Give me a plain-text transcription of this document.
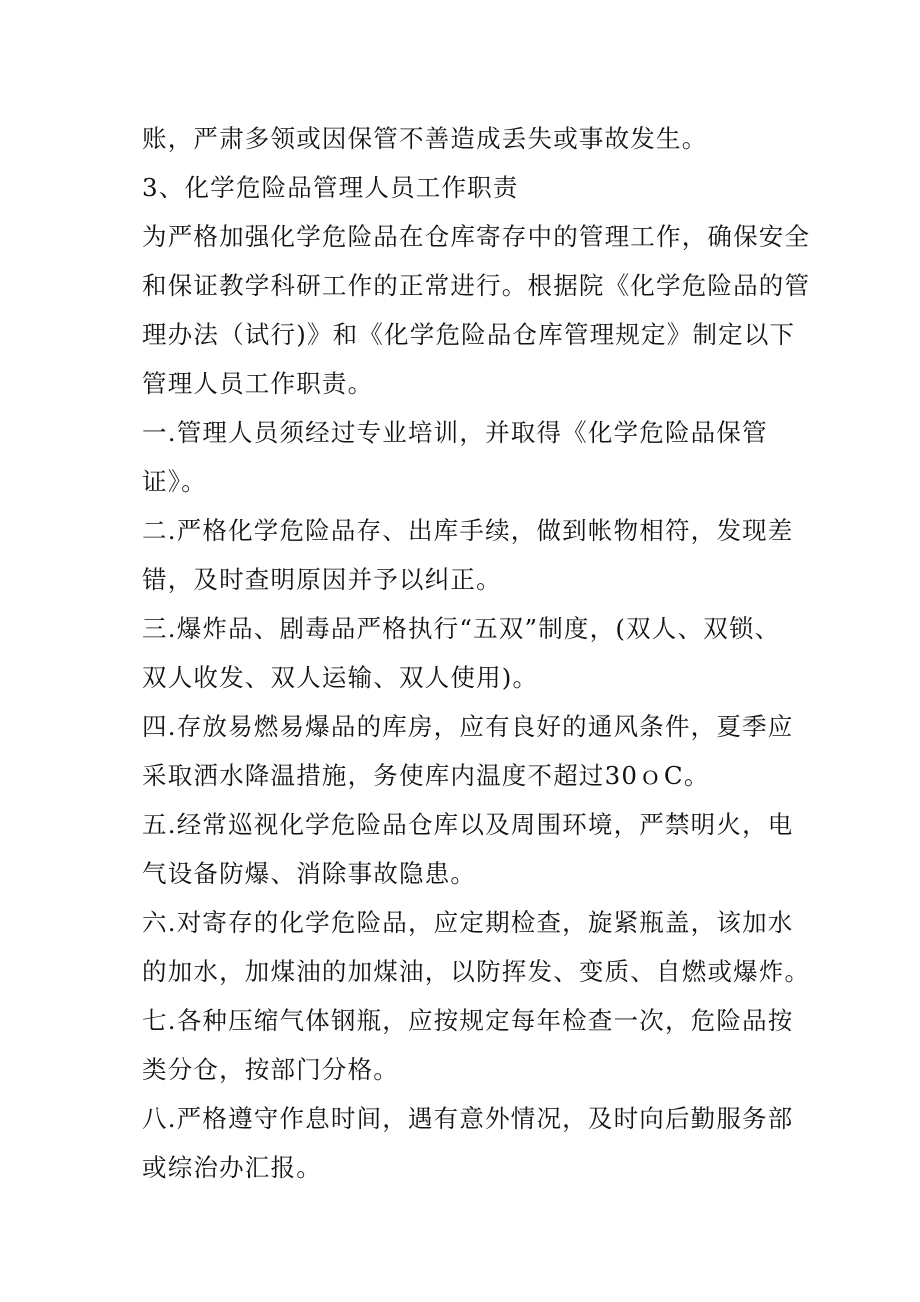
账，严肃多领或因保管不善造成丢失或事故发生。
3、化学危险品管理人员工作职责
为严格加强化学危险品在仓库寄存中的管理工作，确保安全
和保证教学科研工作的正常进行。根据院《化学危险品的管
理办法（试行)》和《化学危险品仓库管理规定》制定以下
管理人员工作职责。
一.管理人员须经过专业培训，并取得《化学危险品保管
证》。
二.严格化学危险品存、出库手续，做到帐物相符，发现差
错，及时查明原因并予以纠正。
三.爆炸品、剧毒品严格执行“五双”制度，(双人、双锁、
双人收发、双人运输、双人使用)。
四.存放易燃易爆品的库房，应有良好的通风条件，夏季应
采取洒水降温措施，务使库内温度不超过30ｏC。
五.经常巡视化学危险品仓库以及周围环境，严禁明火，电
气设备防爆、消除事故隐患。
六.对寄存的化学危险品，应定期检查，旋紧瓶盖，该加水
的加水，加煤油的加煤油，以防挥发、变质、自燃或爆炸。
七.各种压缩气体钢瓶，应按规定每年检查一次，危险品按
类分仓，按部门分格。
八.严格遵守作息时间，遇有意外情况，及时向后勤服务部
或综治办汇报。
